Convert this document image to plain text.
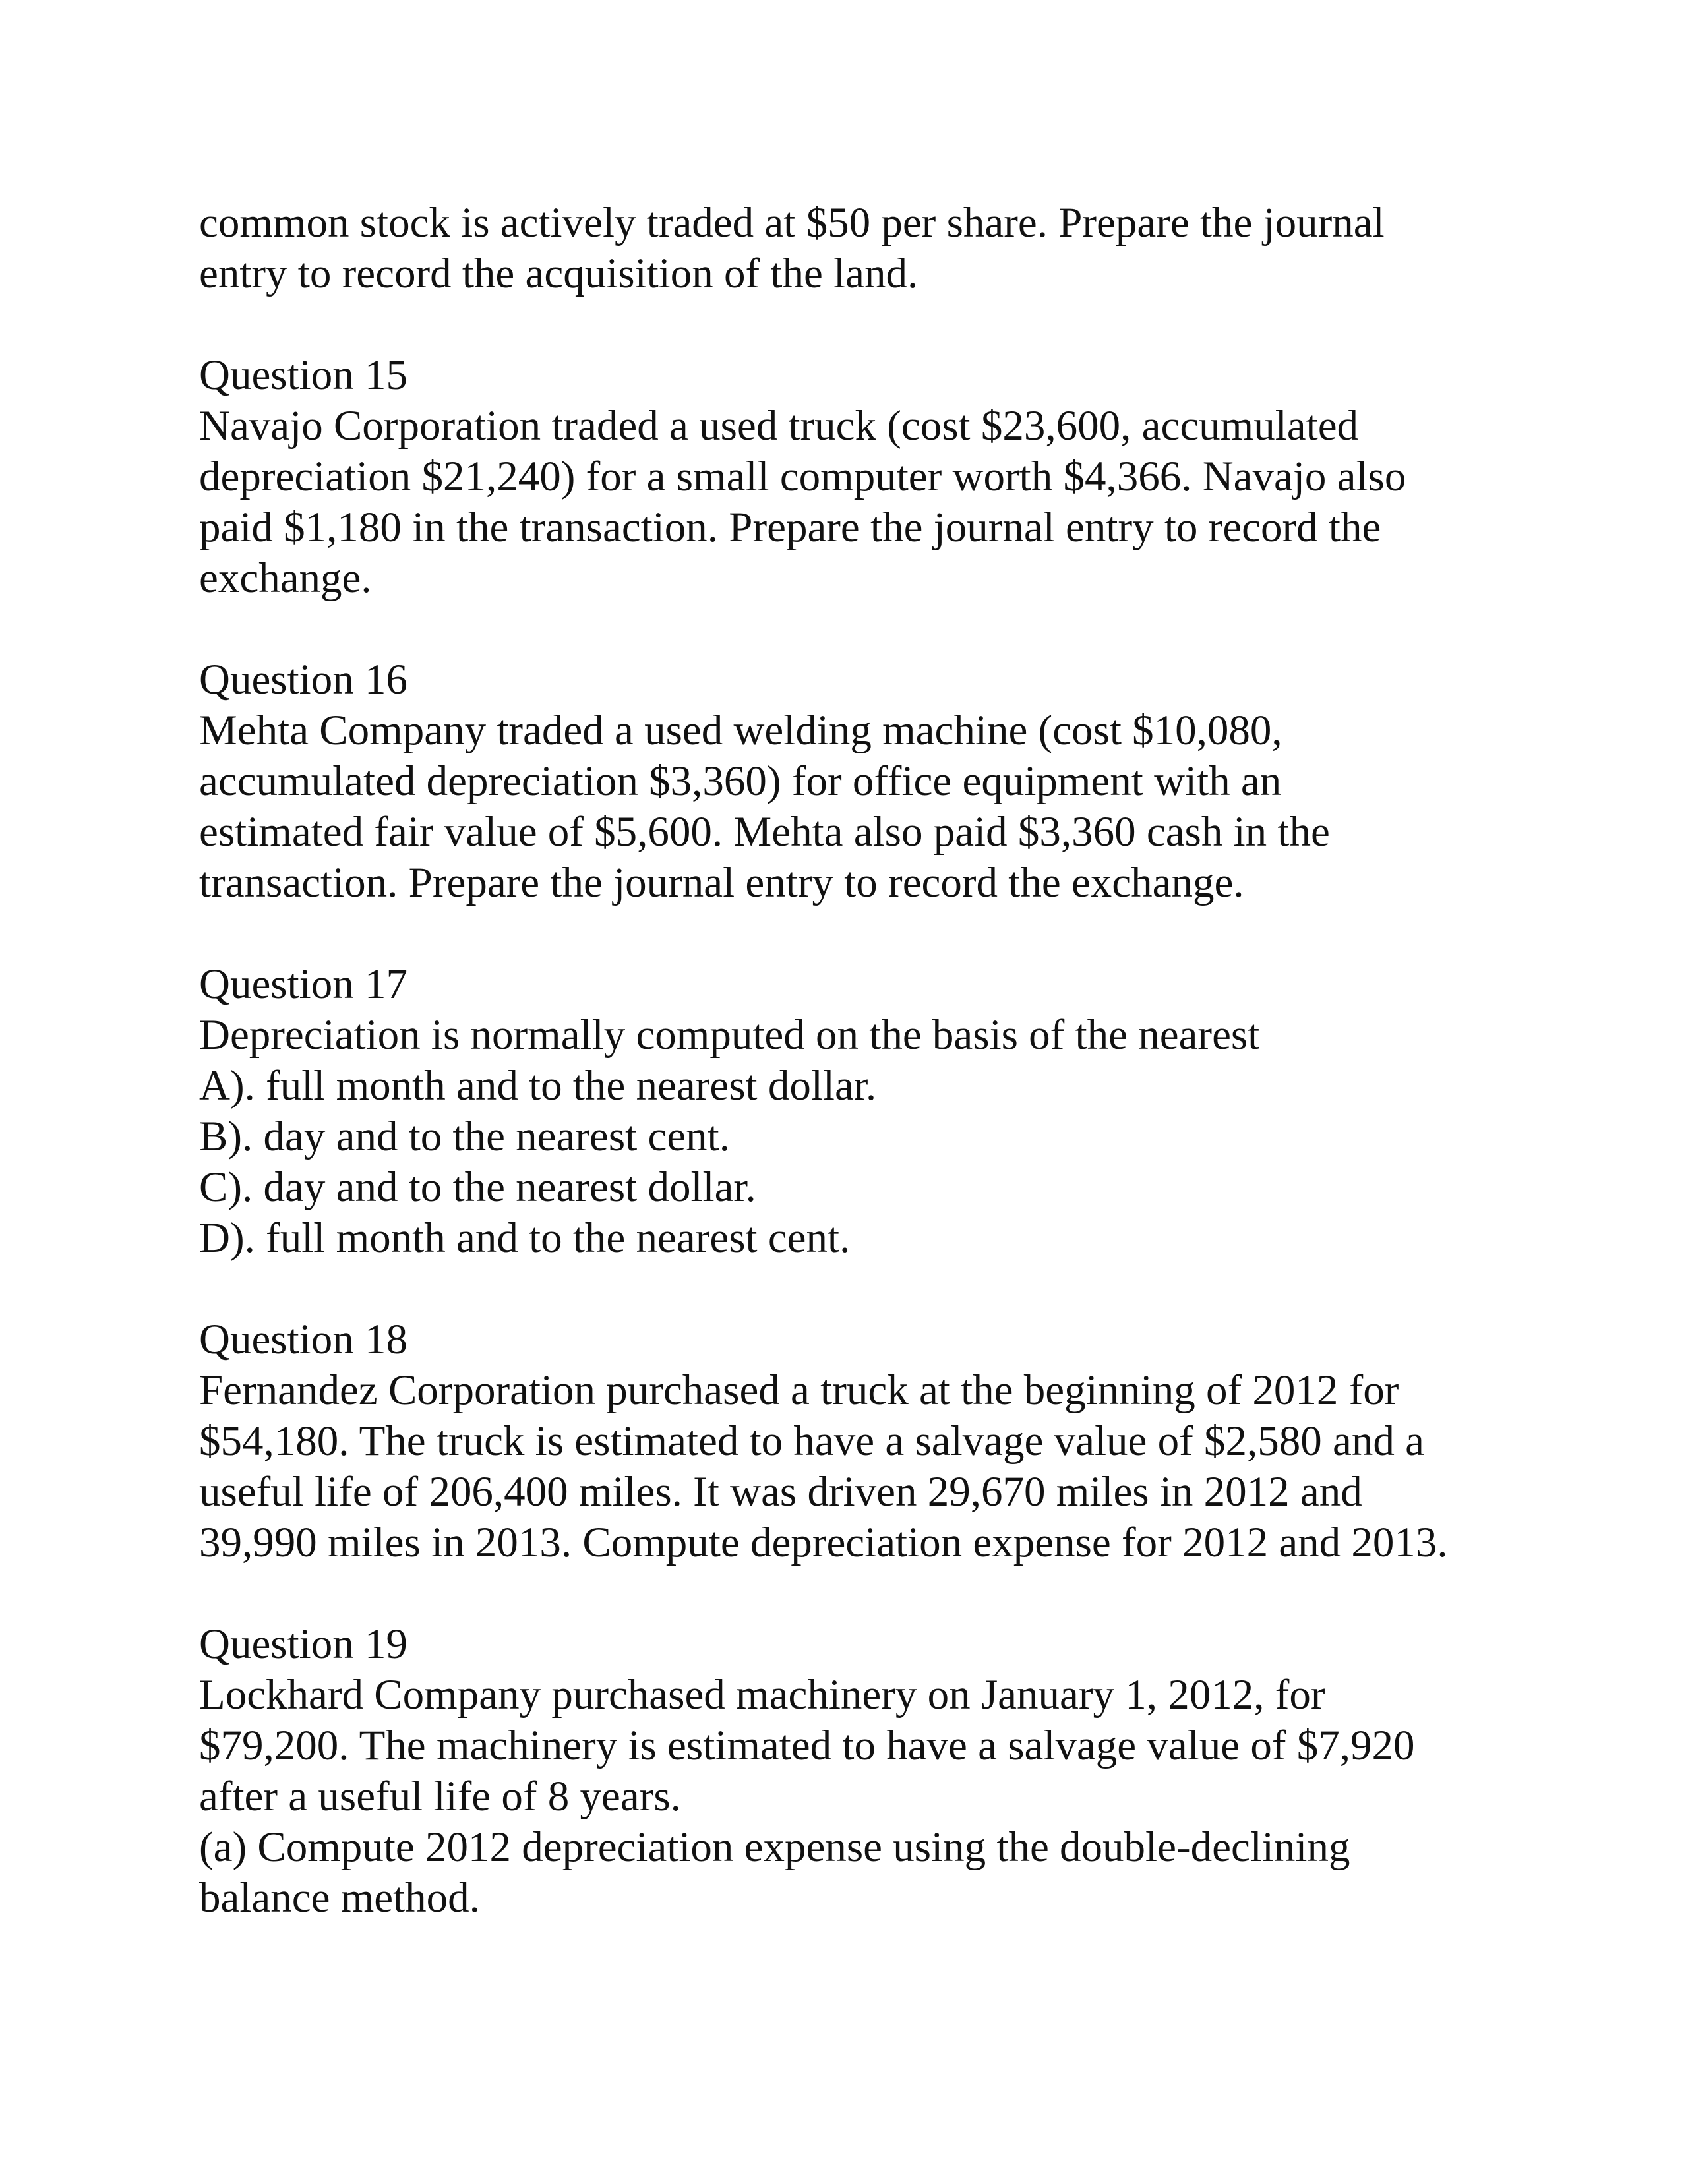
common stock is actively traded at $50 per share. Prepare the journal

entry to record the acquisition of the land.

Question 15

Navajo Corporation traded a used truck (cost $23,600, accumulated

depreciation $21,240) for a small computer worth $4,366. Navajo also

paid $1,180 in the transaction. Prepare the journal entry to record the

exchange.

Question 16

Mehta Company traded a used welding machine (cost $10,080,

accumulated depreciation $3,360) for office equipment with an

estimated fair value of $5,600. Mehta also paid $3,360 cash in the

transaction. Prepare the journal entry to record the exchange.

Question 17

Depreciation is normally computed on the basis of the nearest

A). full month and to the nearest dollar.

B). day and to the nearest cent.

C). day and to the nearest dollar.

D). full month and to the nearest cent.

Question 18

Fernandez Corporation purchased a truck at the beginning of 2012 for

$54,180. The truck is estimated to have a salvage value of $2,580 and a

useful life of 206,400 miles. It was driven 29,670 miles in 2012 and

39,990 miles in 2013. Compute depreciation expense for 2012 and 2013.

Question 19

Lockhard Company purchased machinery on January 1, 2012, for

$79,200. The machinery is estimated to have a salvage value of $7,920

after a useful life of 8 years.

(a) Compute 2012 depreciation expense using the double-declining

balance method.
